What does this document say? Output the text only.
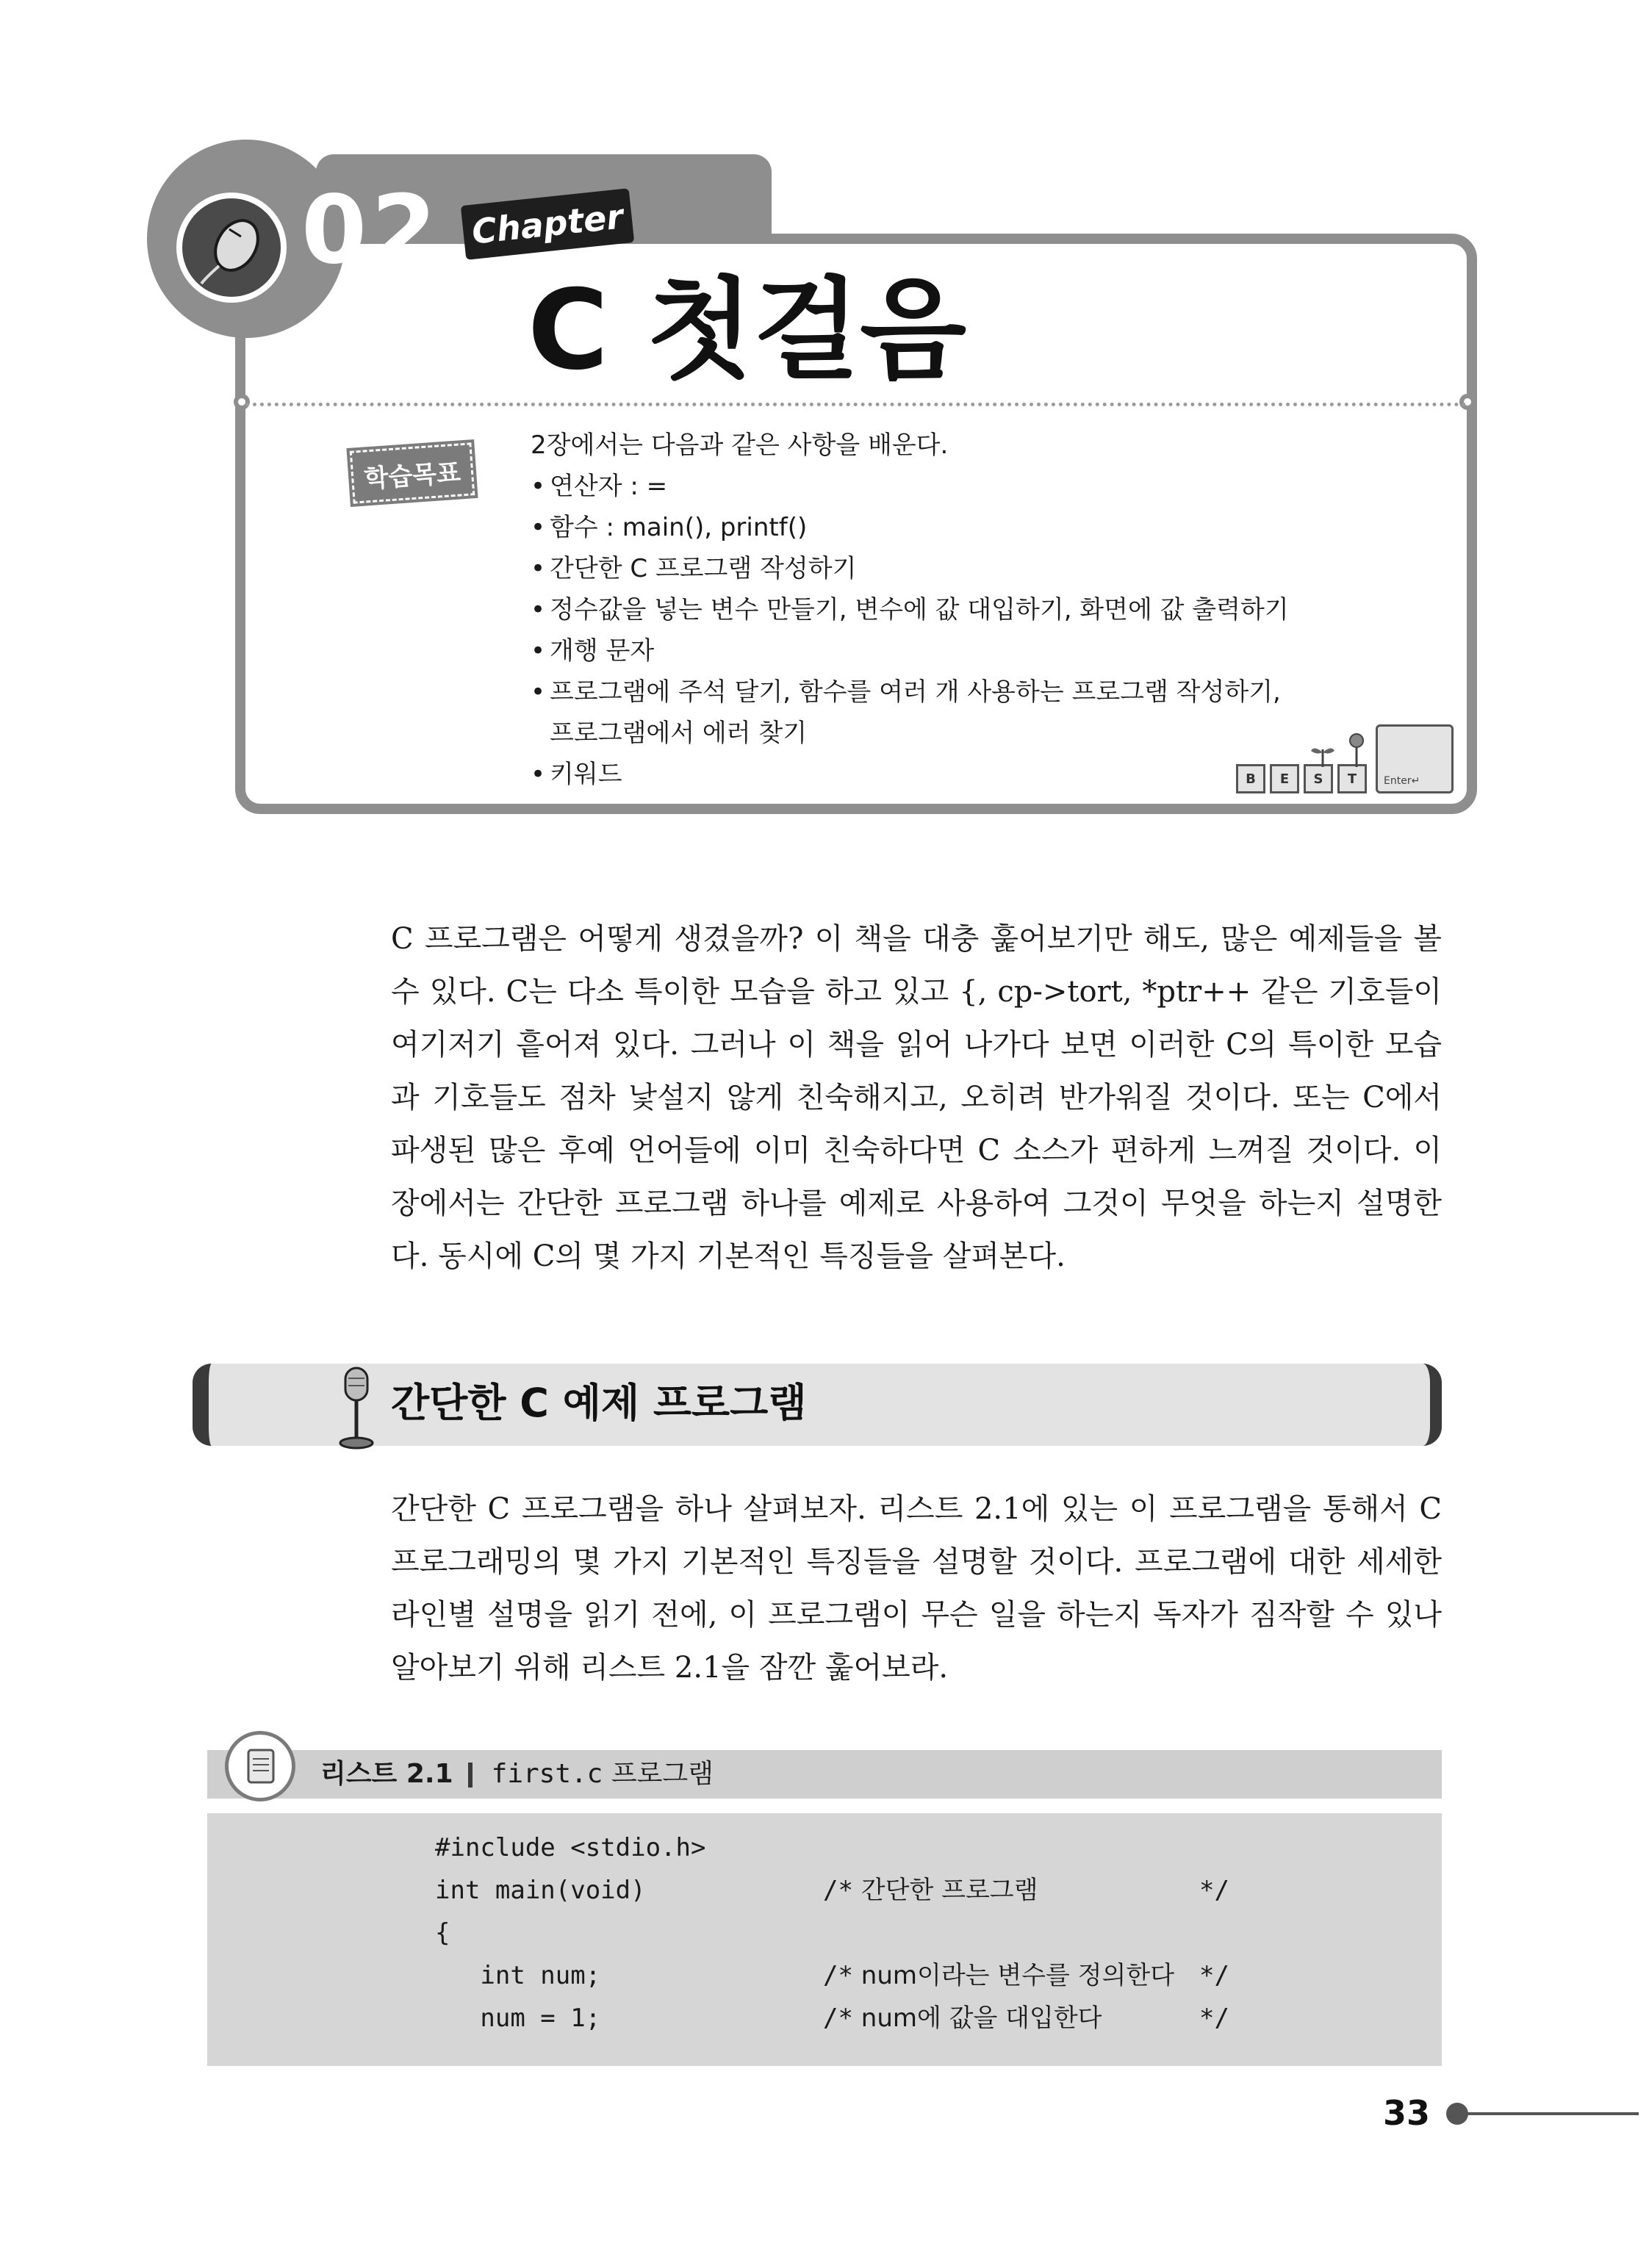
02 Chapter
C 첫걸음
학습목표

2장에서는 다음과 같은 사항을 배운다.

• 연산자 : =
• 함수 : main(), printf()
• 간단한 C 프로그램 작성하기
• 정수값을 넣는 변수 만들기, 변수에 값 대입하기, 화면에 값 출력하기
• 개행 문자
• 프로그램에 주석 달기, 함수를 여러 개 사용하는 프로그램 작성하기, 프로그램에서 에러 찾기
• 키워드	B	E	S	T	Enter↵

C 프로그램은 어떻게 생겼을까? 이 책을 대충 훑어보기만 해도, 많은 예제들을 볼 수 있다. C는 다소 특이한 모습을 하고 있고 {, cp->tort, *ptr++ 같은 기호들이 여기저기 흩어져 있다. 그러나 이 책을 읽어 나가다 보면 이러한 C의 특이한 모습과 기호들도 점차 낯설지 않게 친숙해지고, 오히려 반가워질 것이다. 또는 C에서 파생된 많은 후예 언어들에 이미 친숙하다면 C 소스가 편하게 느껴질 것이다. 이 장에서는 간단한 프로그램 하나를 예제로 사용하여 그것이 무엇을 하는지 설명한다. 동시에 C의 몇 가지 기본적인 특징들을 살펴본다.

간단한 C 예제 프로그램

간단한 C 프로그램을 하나 살펴보자. 리스트 2.1에 있는 이 프로그램을 통해서 C 프로그래밍의 몇 가지 기본적인 특징들을 설명할 것이다. 프로그램에 대한 세세한 라인별 설명을 읽기 전에, 이 프로그램이 무슨 일을 하는지 독자가 짐작할 수 있나 알아보기 위해 리스트 2.1을 잠깐 훑어보라.

리스트 2.1 first.c 프로그램
#include <stdio.h>
int main(void)	/* 간단한 프로그램	*/
{
int num;	/* num이라는 변수를 정의한다 */
num = 1;	/* num에 값을 대입한다	*/
33
